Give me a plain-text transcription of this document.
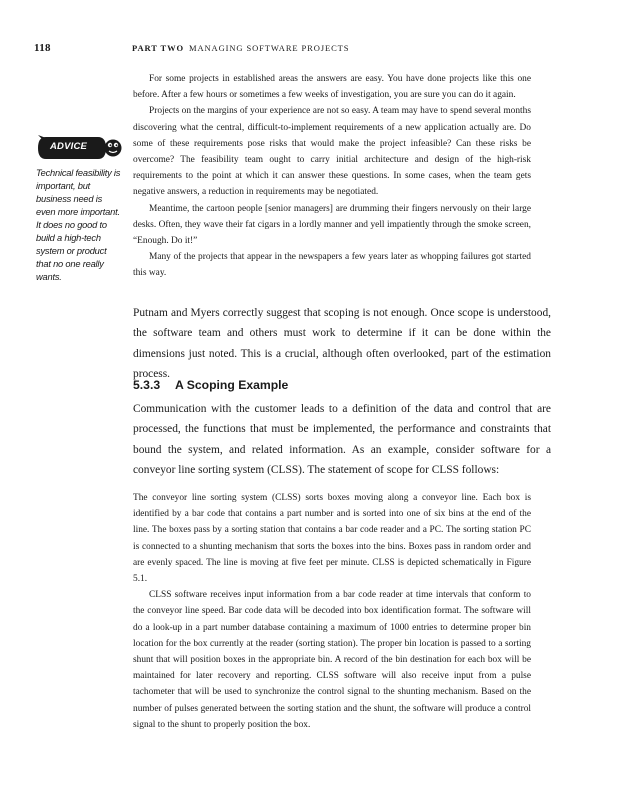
118	PART TWO MANAGING SOFTWARE PROJECTS
ADVICE
Technical feasibility is important, but business need is even more important. It does no good to build a high-tech system or product that no one really wants.

For some projects in established areas the answers are easy. You have done projects like this one before. After a few hours or sometimes a few weeks of investigation, you are sure you can do it again.

Projects on the margins of your experience are not so easy. A team may have to spend several months discovering what the central, difficult-to-implement requirements of a new application actually are. Do some of these requirements pose risks that would make the project infeasible? Can these risks be overcome? The feasibility team ought to carry initial architecture and design of the high-risk requirements to the point at which it can answer these questions. In some cases, when the team gets negative answers, a reduction in requirements may be negotiated.

Meantime, the cartoon people [senior managers] are drumming their fingers nervously on their large desks. Often, they wave their fat cigars in a lordly manner and yell impatiently through the smoke screen, “Enough. Do it!”

Many of the projects that appear in the newspapers a few years later as whopping failures got started this way.

Putnam and Myers correctly suggest that scoping is not enough. Once scope is understood, the software team and others must work to determine if it can be done within the dimensions just noted. This is a crucial, although often overlooked, part of the estimation process.

5.3.3 A Scoping Example

Communication with the customer leads to a definition of the data and control that are processed, the functions that must be implemented, the performance and constraints that bound the system, and related information. As an example, consider software for a conveyor line sorting system (CLSS). The statement of scope for CLSS follows:

The conveyor line sorting system (CLSS) sorts boxes moving along a conveyor line. Each box is identified by a bar code that contains a part number and is sorted into one of six bins at the end of the line. The boxes pass by a sorting station that contains a bar code reader and a PC. The sorting station PC is connected to a shunting mechanism that sorts the boxes into the bins. Boxes pass in random order and are evenly spaced. The line is moving at five feet per minute. CLSS is depicted schematically in Figure 5.1.

CLSS software receives input information from a bar code reader at time intervals that conform to the conveyor line speed. Bar code data will be decoded into box identification format. The software will do a look-up in a part number database containing a maximum of 1000 entries to determine proper bin location for the box currently at the reader (sorting station). The proper bin location is passed to a sorting shunt that will position boxes in the appropriate bin. A record of the bin destination for each box will be maintained for later recovery and reporting. CLSS software will also receive input from a pulse tachometer that will be used to synchronize the control signal to the shunting mechanism. Based on the number of pulses generated between the sorting station and the shunt, the software will produce a control signal to the shunt to properly position the box.
